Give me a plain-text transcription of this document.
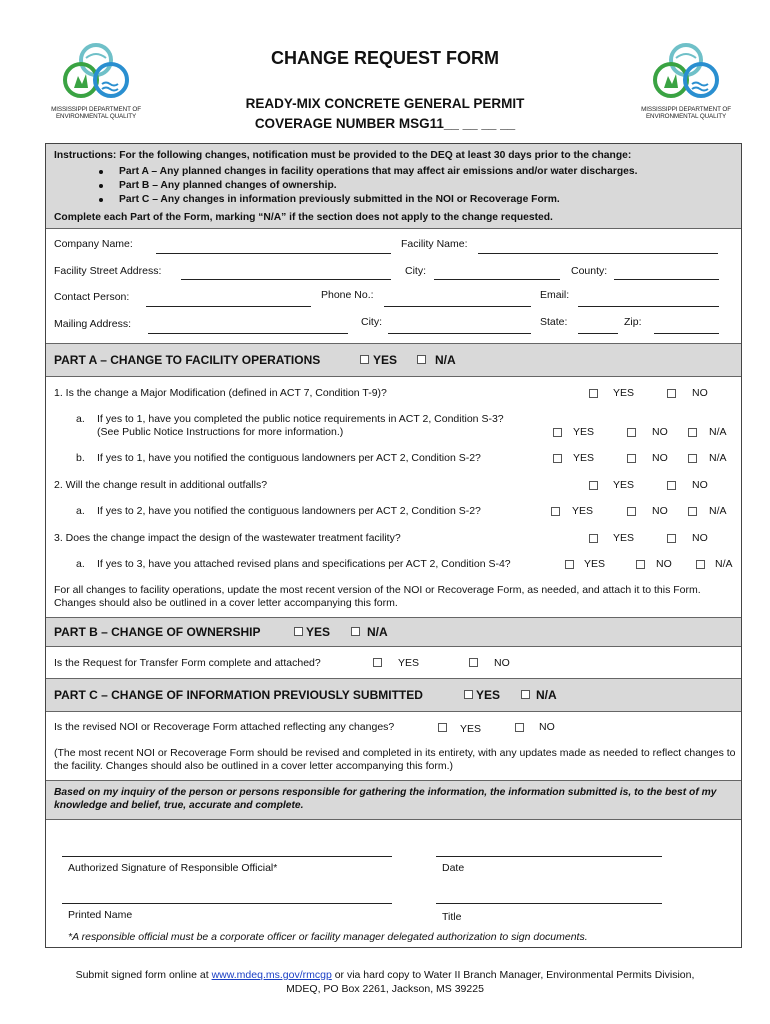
MISSISSIPPI DEPARTMENT OF
ENVIRONMENTAL QUALITY
MISSISSIPPI DEPARTMENT OF
ENVIRONMENTAL QUALITY
CHANGE REQUEST FORM
READY-MIX CONCRETE GENERAL PERMIT
COVERAGE NUMBER MSG11__ __ __ __
Instructions: For the following changes, notification must be provided to the DEQ at least 30 days prior to the change:
Part A – Any planned changes in facility operations that may affect air emissions and/or water discharges.
Part B – Any planned changes of ownership.
Part C – Any changes in information previously submitted in the NOI or Recoverage Form.
Complete each Part of the Form, marking “N/A” if the section does not apply to the change requested.
Company Name:	Facility Name:
Facility Street Address:	City:	County:
Contact Person:	Phone No.:	Email:
Mailing Address:	City:	State:	Zip:
PART A – CHANGE TO FACILITY OPERATIONS	YES	N/A
1. Is the change a Major Modification (defined in ACT 7, Condition T-9)?	YES	NO
a. If yes to 1, have you completed the public notice requirements in ACT 2, Condition S-3?
(See Public Notice Instructions for more information.)	YES	NO	N/A
b. If yes to 1, have you notified the contiguous landowners per ACT 2, Condition S-2?	YES	NO	N/A
2. Will the change result in additional outfalls?	YES	NO
a. If yes to 2, have you notified the contiguous landowners per ACT 2, Condition S-2?	YES	NO	N/A
3. Does the change impact the design of the wastewater treatment facility?	YES	NO
a. If yes to 3, have you attached revised plans and specifications per ACT 2, Condition S-4?	YES	NO	N/A
For all changes to facility operations, update the most recent version of the NOI or Recoverage Form, as needed, and attach it to this Form. Changes should also be outlined in a cover letter accompanying this form.
PART B – CHANGE OF OWNERSHIP	YES	N/A
Is the Request for Transfer Form complete and attached?	YES	NO
PART C – CHANGE OF INFORMATION PREVIOUSLY SUBMITTED	YES	N/A
Is the revised NOI or Recoverage Form attached reflecting any changes?	YES	NO
(The most recent NOI or Recoverage Form should be revised and completed in its entirety, with any updates made as needed to reflect changes to the facility. Changes should also be outlined in a cover letter accompanying this form.)
Based on my inquiry of the person or persons responsible for gathering the information, the information submitted is, to the best of my knowledge and belief, true, accurate and complete.
Authorized Signature of Responsible Official*	Date
Printed Name	Title
*A responsible official must be a corporate officer or facility manager delegated authorization to sign documents.
Submit signed form online at www.mdeq.ms.gov/rmcgp or via hard copy to Water II Branch Manager, Environmental Permits Division,
MDEQ, PO Box 2261, Jackson, MS 39225
